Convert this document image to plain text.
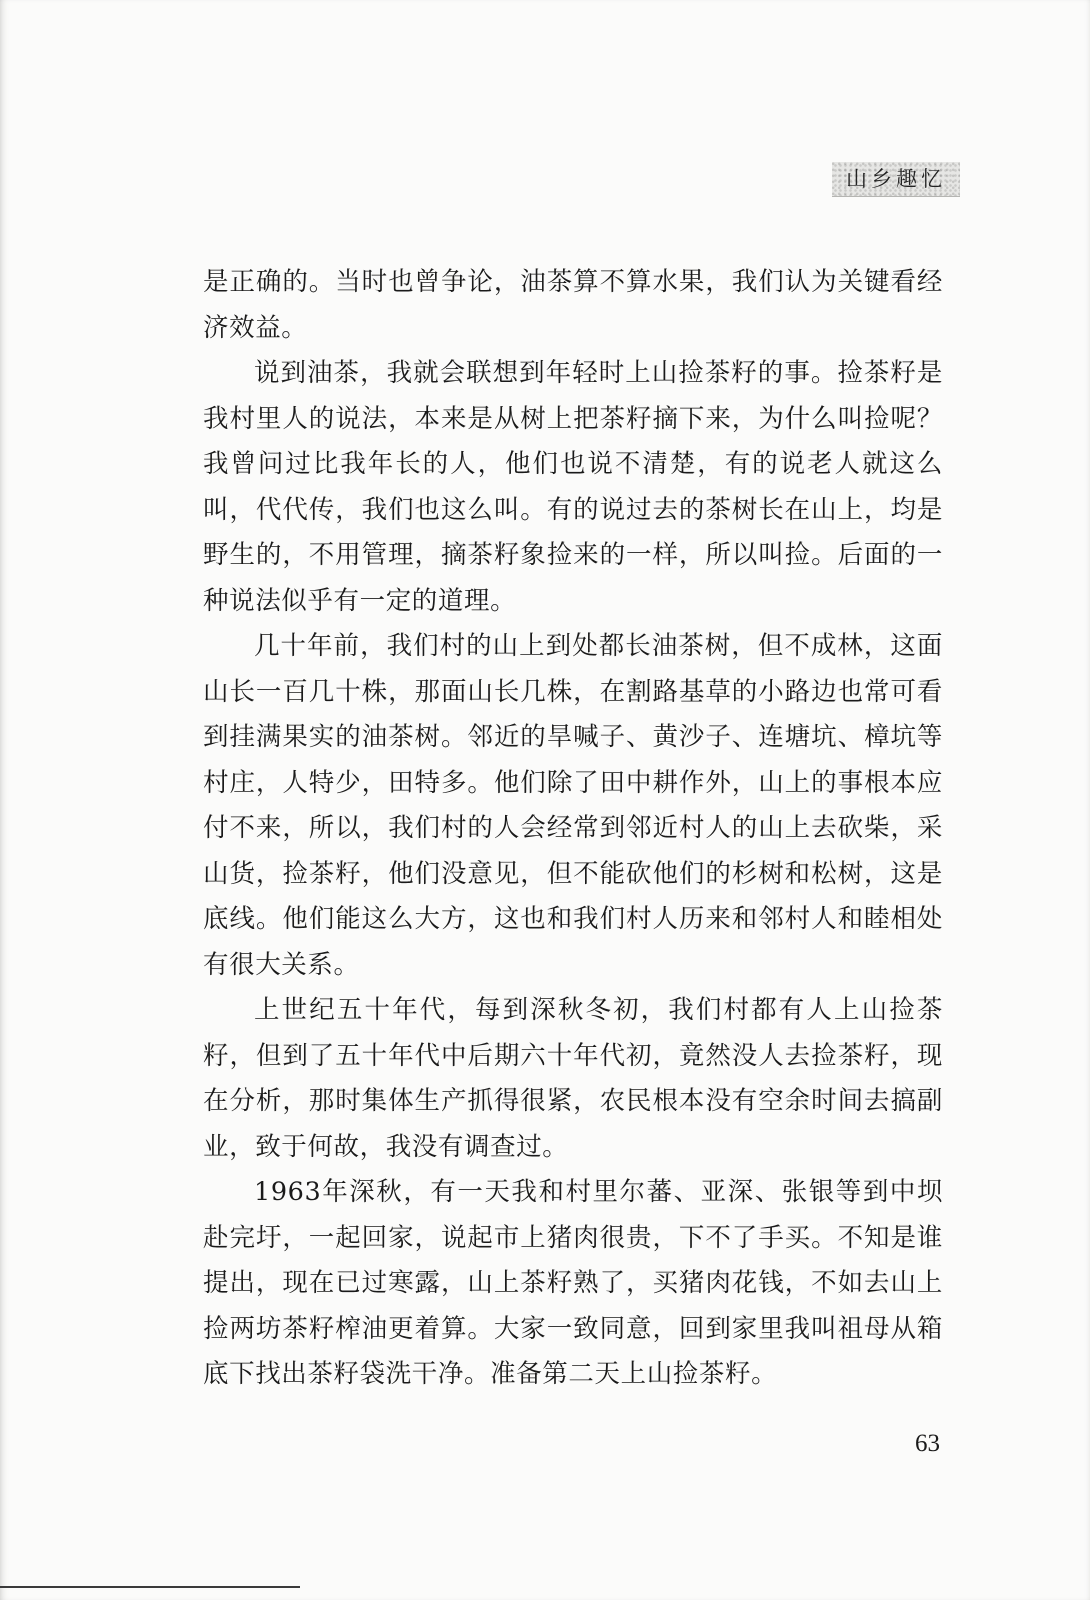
山乡趣忆

是正确的。当时也曾争论，油茶算不算水果，我们认为关键看经济效益。

说到油茶，我就会联想到年轻时上山捡茶籽的事。捡茶籽是我村里人的说法，本来是从树上把茶籽摘下来，为什么叫捡呢？我曾问过比我年长的人，他们也说不清楚，有的说老人就这么叫，代代传，我们也这么叫。有的说过去的茶树长在山上，均是野生的，不用管理，摘茶籽象捡来的一样，所以叫捡。后面的一种说法似乎有一定的道理。

几十年前，我们村的山上到处都长油茶树，但不成林，这面山长一百几十株，那面山长几株，在割路基草的小路边也常可看到挂满果实的油茶树。邻近的旱喊子、黄沙子、连塘坑、樟坑等村庄，人特少，田特多。他们除了田中耕作外，山上的事根本应付不来，所以，我们村的人会经常到邻近村人的山上去砍柴，采山货，捡茶籽，他们没意见，但不能砍他们的杉树和松树，这是底线。他们能这么大方，这也和我们村人历来和邻村人和睦相处有很大关系。

上世纪五十年代，每到深秋冬初，我们村都有人上山捡茶籽，但到了五十年代中后期六十年代初，竟然没人去捡茶籽，现在分析，那时集体生产抓得很紧，农民根本没有空余时间去搞副业，致于何故，我没有调查过。

1963年深秋，有一天我和村里尔蕃、亚深、张银等到中坝赴完圩，一起回家，说起市上猪肉很贵，下不了手买。不知是谁提出，现在已过寒露，山上茶籽熟了，买猪肉花钱，不如去山上捡两坊茶籽榨油更着算。大家一致同意，回到家里我叫祖母从箱底下找出茶籽袋洗干净。准备第二天上山捡茶籽。

63
